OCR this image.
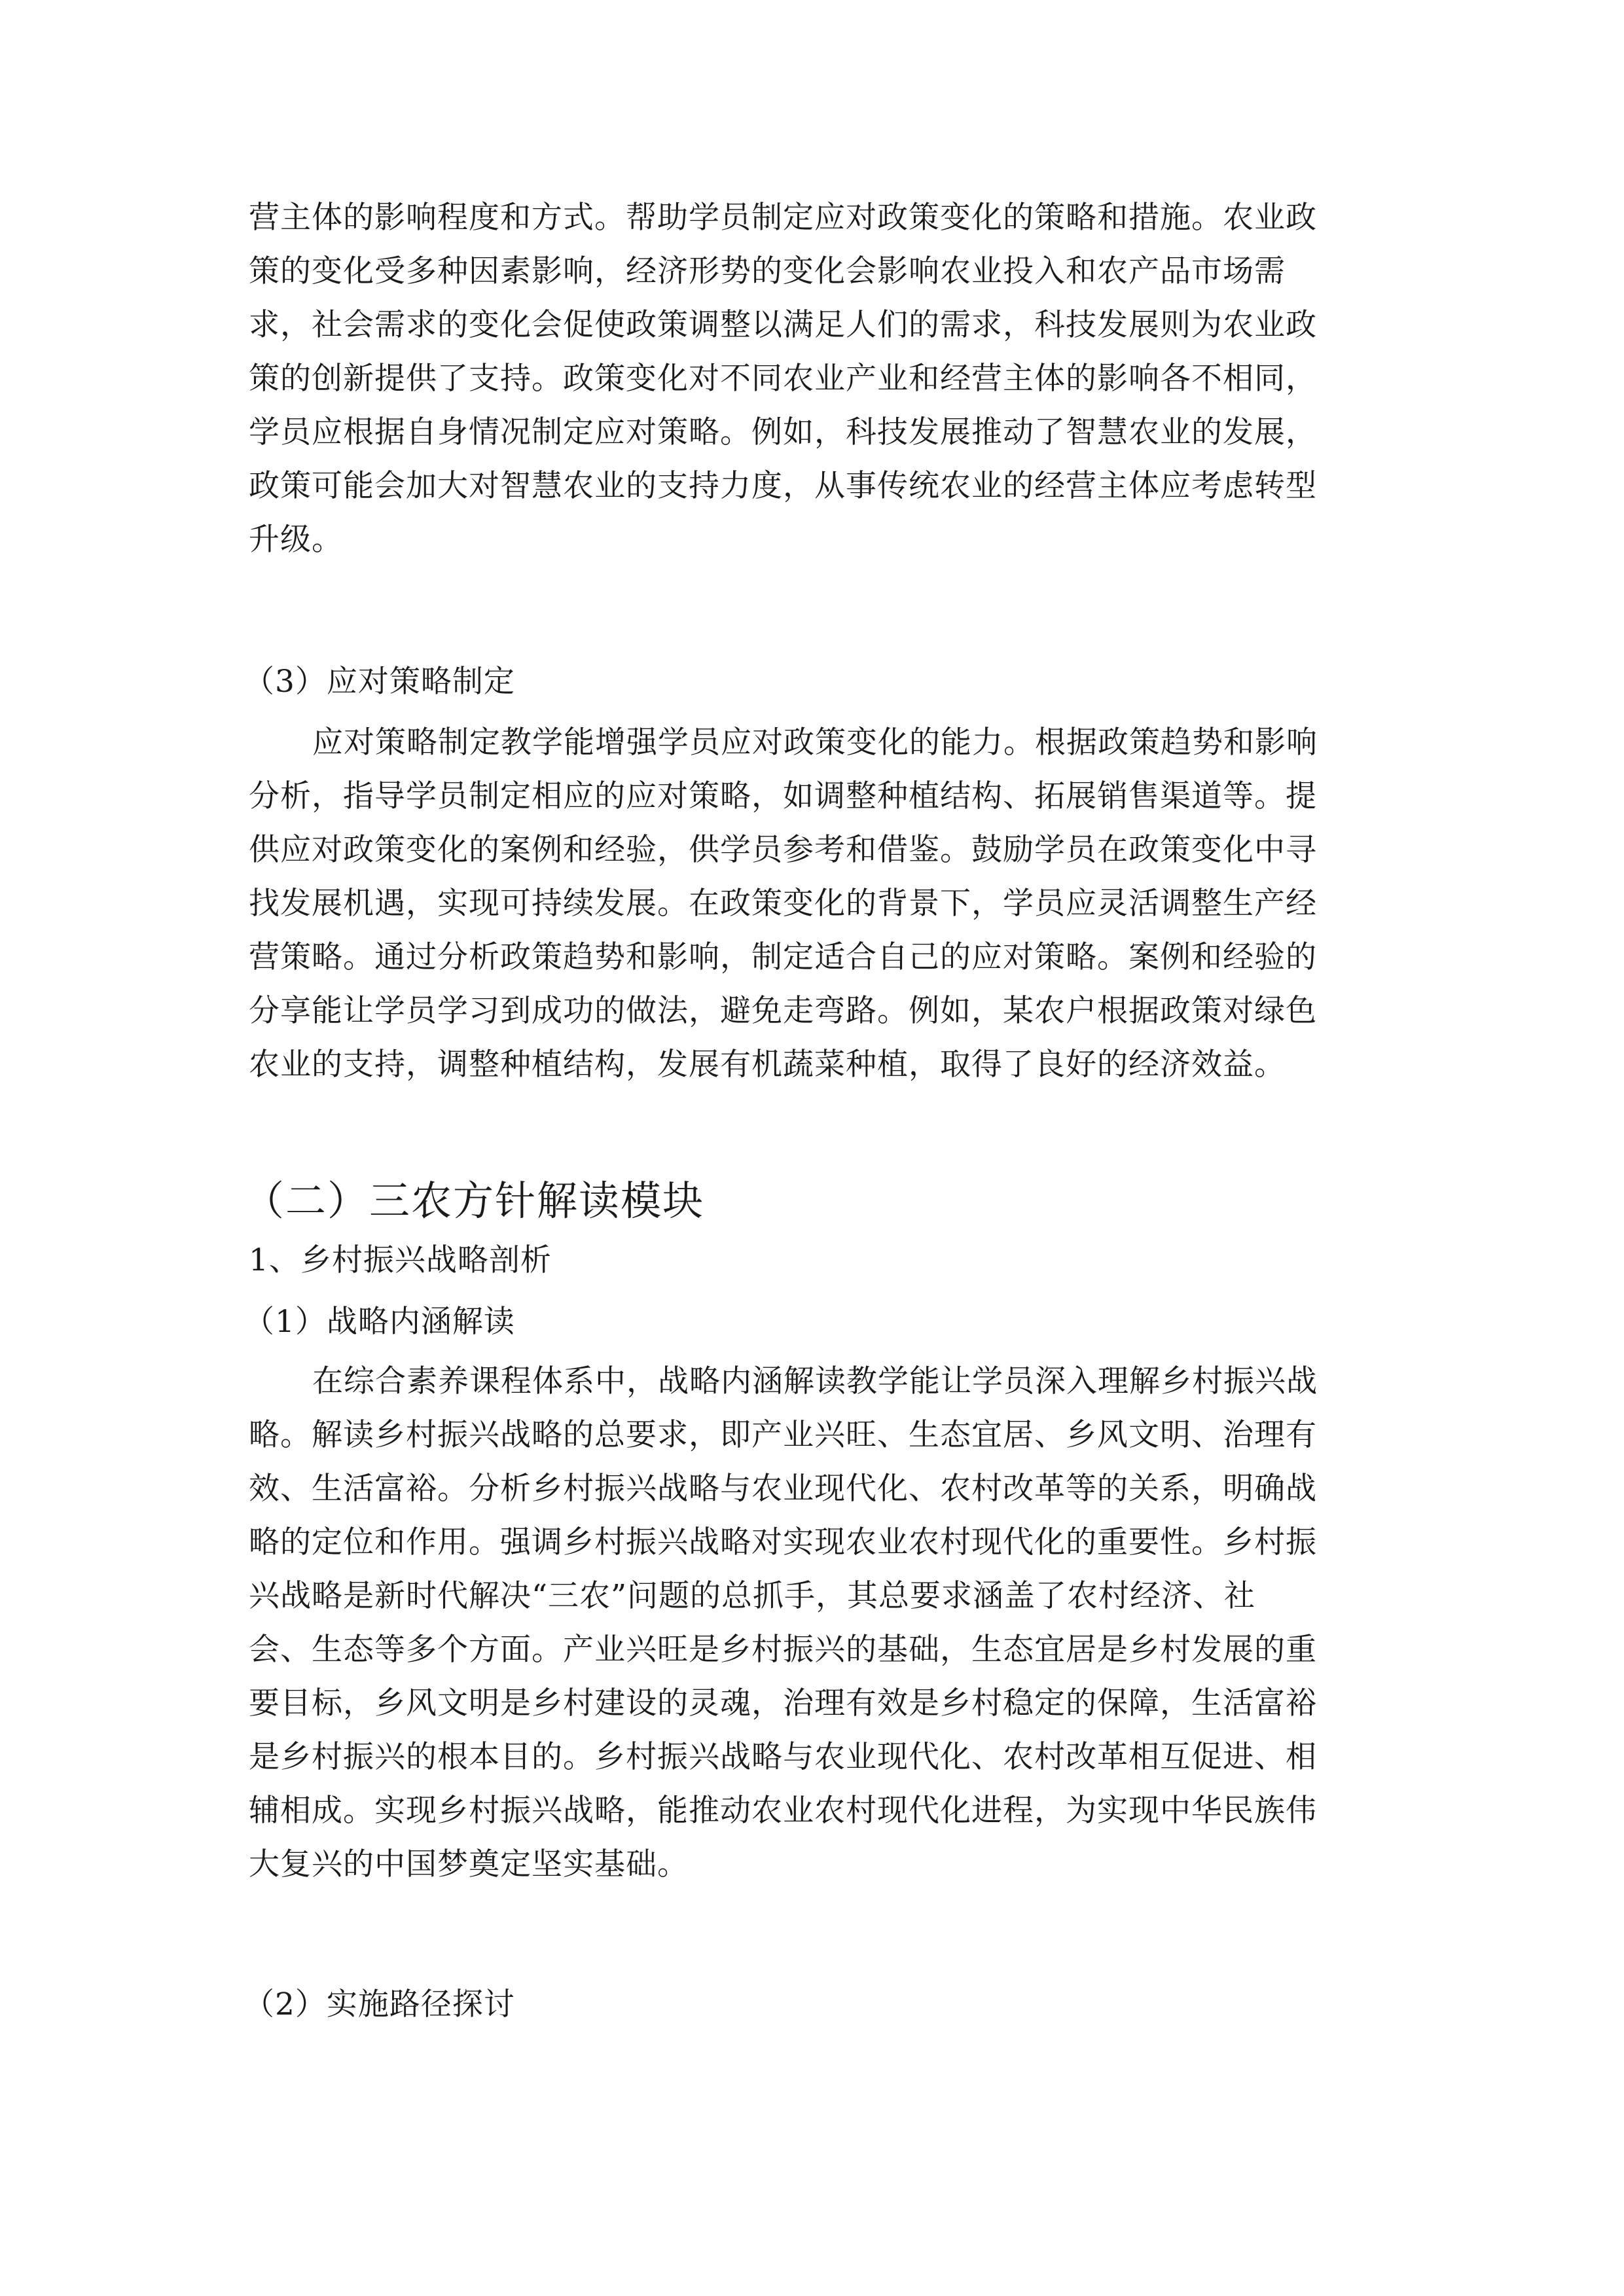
营主体的影响程度和方式。帮助学员制定应对政策变化的策略和措施。农业政

策的变化受多种因素影响，经济形势的变化会影响农业投入和农产品市场需

求，社会需求的变化会促使政策调整以满足人们的需求，科技发展则为农业政

策的创新提供了支持。政策变化对不同农业产业和经营主体的影响各不相同，

学员应根据自身情况制定应对策略。例如，科技发展推动了智慧农业的发展，

政策可能会加大对智慧农业的支持力度，从事传统农业的经营主体应考虑转型

升级。

（3）应对策略制定

应对策略制定教学能增强学员应对政策变化的能力。根据政策趋势和影响

分析，指导学员制定相应的应对策略，如调整种植结构、拓展销售渠道等。提

供应对政策变化的案例和经验，供学员参考和借鉴。鼓励学员在政策变化中寻

找发展机遇，实现可持续发展。在政策变化的背景下，学员应灵活调整生产经

营策略。通过分析政策趋势和影响，制定适合自己的应对策略。案例和经验的

分享能让学员学习到成功的做法，避免走弯路。例如，某农户根据政策对绿色

农业的支持，调整种植结构，发展有机蔬菜种植，取得了良好的经济效益。

（二）三农方针解读模块

1、乡村振兴战略剖析

（1）战略内涵解读

在综合素养课程体系中，战略内涵解读教学能让学员深入理解乡村振兴战

略。解读乡村振兴战略的总要求，即产业兴旺、生态宜居、乡风文明、治理有

效、生活富裕。分析乡村振兴战略与农业现代化、农村改革等的关系，明确战

略的定位和作用。强调乡村振兴战略对实现农业农村现代化的重要性。乡村振

兴战略是新时代解决“三农”问题的总抓手，其总要求涵盖了农村经济、社

会、生态等多个方面。产业兴旺是乡村振兴的基础，生态宜居是乡村发展的重

要目标，乡风文明是乡村建设的灵魂，治理有效是乡村稳定的保障，生活富裕

是乡村振兴的根本目的。乡村振兴战略与农业现代化、农村改革相互促进、相

辅相成。实现乡村振兴战略，能推动农业农村现代化进程，为实现中华民族伟

大复兴的中国梦奠定坚实基础。

（2）实施路径探讨
